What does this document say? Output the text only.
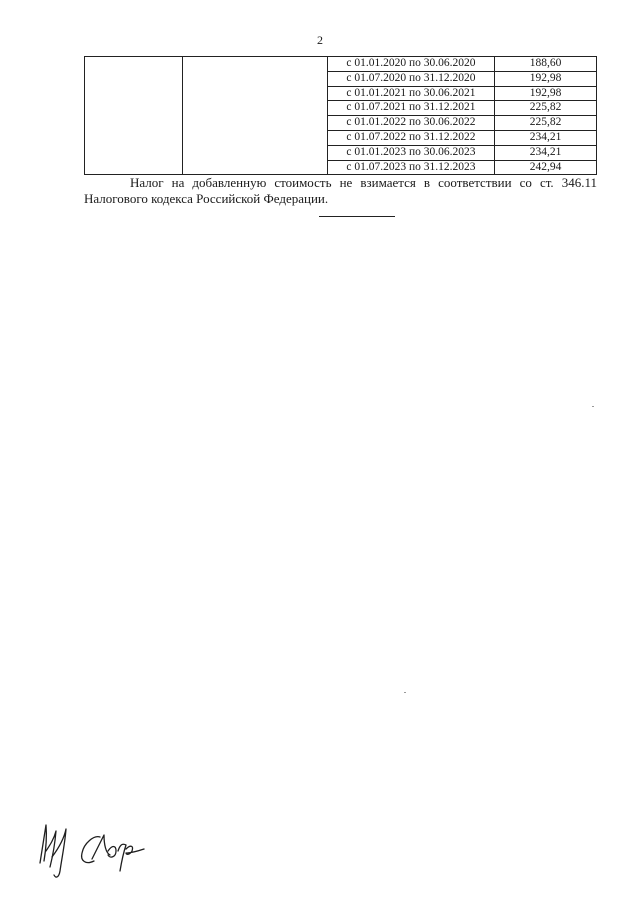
2
		с 01.01.2020 по 30.06.2020	188,60
		с 01.07.2020 по 31.12.2020	192,98
		с 01.01.2021 по 30.06.2021	192,98
		с 01.07.2021 по 31.12.2021	225,82
		с 01.01.2022 по 30.06.2022	225,82
		с 01.07.2022 по 31.12.2022	234,21
		с 01.01.2023 по 30.06.2023	234,21
		с 01.07.2023 по 31.12.2023	242,94
Налог на добавленную стоимость не взимается в соответствии со ст. 346.11 Налогового кодекса Российской Федерации.
